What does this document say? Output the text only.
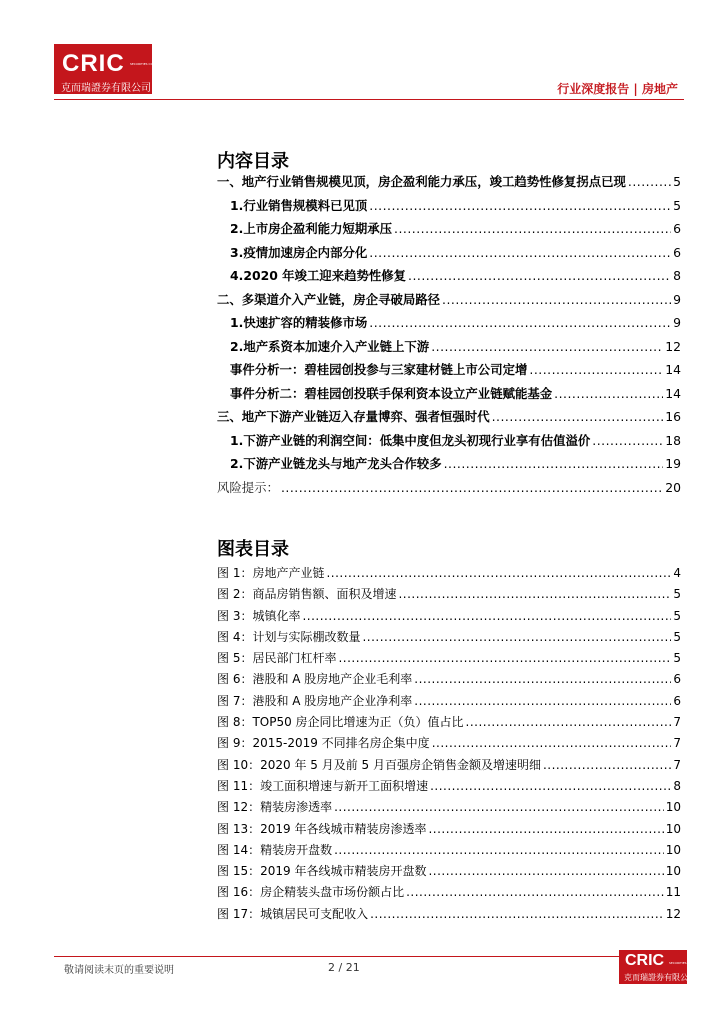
CRIC SECURITIES CO.,LTD
克而瑞證券有限公司	行业深度报告 | 房地产
内容目录
一、地产行业销售规模见顶，房企盈利能力承压，竣工趋势性修复拐点已现 .....	5
1.行业销售规模料已见顶 .....	5
2.上市房企盈利能力短期承压 .....	6
3.疫情加速房企内部分化 .....	6
4.2020 年竣工迎来趋势性修复 .....	8
二、多渠道介入产业链，房企寻破局路径 .....	9
1.快速扩容的精装修市场 .....	9
2.地产系资本加速介入产业链上下游 .....	12
事件分析一：碧桂园创投参与三家建材链上市公司定增 .....	14
事件分析二：碧桂园创投联手保利资本设立产业链赋能基金 .....	14
三、地产下游产业链迈入存量博弈、强者恒强时代 .....	16
1.下游产业链的利润空间：低集中度但龙头初现行业享有估值溢价 .....	18
2.下游产业链龙头与地产龙头合作较多 .....	19
风险提示： .....	20
图表目录
图 1：房地产产业链 .....	4
图 2：商品房销售额、面积及增速 .....	5
图 3：城镇化率 .....	5
图 4：计划与实际棚改数量 .....	5
图 5：居民部门杠杆率 .....	5
图 6：港股和 A 股房地产企业毛利率 .....	6
图 7：港股和 A 股房地产企业净利率 .....	6
图 8：TOP50 房企同比增速为正（负）值占比 .....	7
图 9：2015-2019 不同排名房企集中度 .....	7
图 10：2020 年 5 月及前 5 月百强房企销售金额及增速明细 .....	7
图 11：竣工面积增速与新开工面积增速 .....	8
图 12：精装房渗透率 .....	10
图 13：2019 年各线城市精装房渗透率 .....	10
图 14：精装房开盘数 .....	10
图 15：2019 年各线城市精装房开盘数 .....	10
图 16：房企精装头盘市场份额占比 .....	11
图 17：城镇居民可支配收入 .....	12
敬请阅读末页的重要说明	2 / 21	CRIC SECURITIES CO.,LTD
克而瑞證券有限公司
